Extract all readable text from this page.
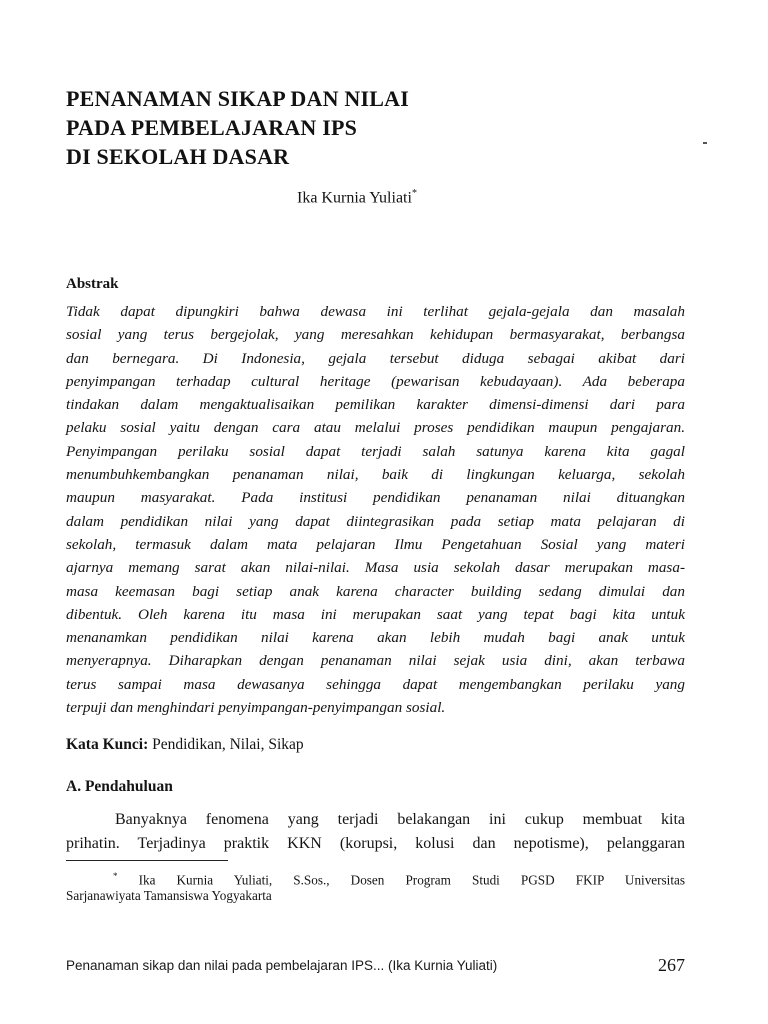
PENANAMAN SIKAP DAN NILAI
PADA PEMBELAJARAN IPS
DI SEKOLAH DASAR
Ika Kurnia Yuliati*
Abstrak
Tidak dapat dipungkiri bahwa dewasa ini terlihat gejala-gejala dan masalah
sosial yang terus bergejolak, yang meresahkan kehidupan bermasyarakat, berbangsa
dan bernegara. Di Indonesia, gejala tersebut diduga sebagai akibat dari
penyimpangan terhadap cultural heritage (pewarisan kebudayaan). Ada beberapa
tindakan dalam mengaktualisaikan pemilikan karakter dimensi-dimensi dari para
pelaku sosial yaitu dengan cara atau melalui proses pendidikan maupun pengajaran.
Penyimpangan perilaku sosial dapat terjadi salah satunya karena kita gagal
menumbuhkembangkan penanaman nilai, baik di lingkungan keluarga, sekolah
maupun masyarakat. Pada institusi pendidikan penanaman nilai dituangkan
dalam pendidikan nilai yang dapat diintegrasikan pada setiap mata pelajaran di
sekolah, termasuk dalam mata pelajaran Ilmu Pengetahuan Sosial yang materi
ajarnya memang sarat akan nilai-nilai. Masa usia sekolah dasar merupakan masa-
masa keemasan bagi setiap anak karena character building sedang dimulai dan
dibentuk. Oleh karena itu masa ini merupakan saat yang tepat bagi kita untuk
menanamkan pendidikan nilai karena akan lebih mudah bagi anak untuk
menyerapnya. Diharapkan dengan penanaman nilai sejak usia dini, akan terbawa
terus sampai masa dewasanya sehingga dapat mengembangkan perilaku yang
terpuji dan menghindari penyimpangan-penyimpangan sosial.
Kata Kunci: Pendidikan, Nilai, Sikap
A. Pendahuluan
Banyaknya fenomena yang terjadi belakangan ini cukup membuat kita
prihatin. Terjadinya praktik KKN (korupsi, kolusi dan nepotisme), pelanggaran
* Ika Kurnia Yuliati, S.Sos., Dosen Program Studi PGSD FKIP Universitas
Sarjanawiyata Tamansiswa Yogyakarta
Penanaman sikap dan nilai pada pembelajaran IPS... (Ika Kurnia Yuliati)	267
